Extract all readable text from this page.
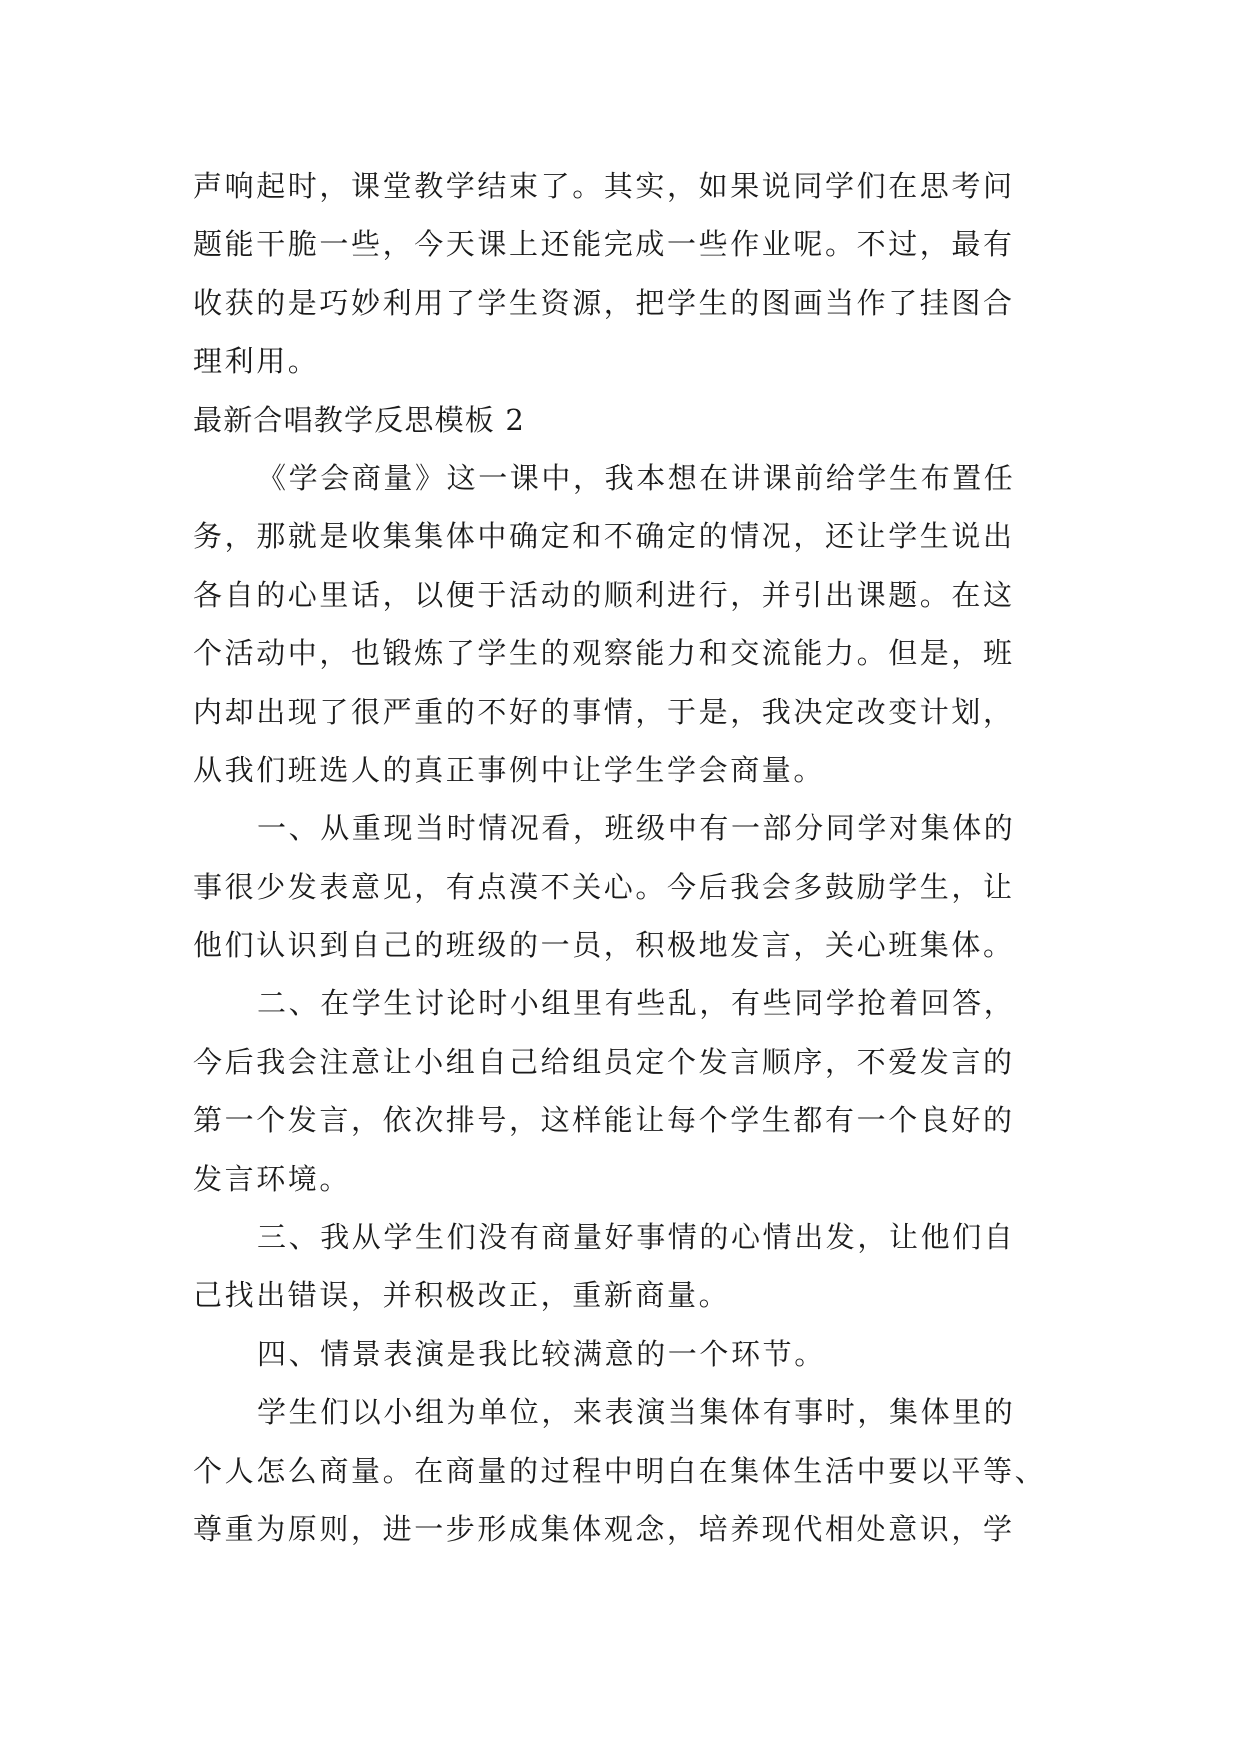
声响起时，课堂教学结束了。其实，如果说同学们在思考问
题能干脆一些，今天课上还能完成一些作业呢。不过，最有
收获的是巧妙利用了学生资源，把学生的图画当作了挂图合
理利用。
最新合唱教学反思模板 2
《学会商量》这一课中，我本想在讲课前给学生布置任
务，那就是收集集体中确定和不确定的情况，还让学生说出
各自的心里话，以便于活动的顺利进行，并引出课题。在这
个活动中，也锻炼了学生的观察能力和交流能力。但是，班
内却出现了很严重的不好的事情，于是，我决定改变计划，
从我们班选人的真正事例中让学生学会商量。
一、从重现当时情况看，班级中有一部分同学对集体的
事很少发表意见，有点漠不关心。今后我会多鼓励学生，让
他们认识到自己的班级的一员，积极地发言，关心班集体。
二、在学生讨论时小组里有些乱，有些同学抢着回答，
今后我会注意让小组自己给组员定个发言顺序，不爱发言的
第一个发言，依次排号，这样能让每个学生都有一个良好的
发言环境。
三、我从学生们没有商量好事情的心情出发，让他们自
己找出错误，并积极改正，重新商量。
四、情景表演是我比较满意的一个环节。
学生们以小组为单位，来表演当集体有事时，集体里的
个人怎么商量。在商量的过程中明白在集体生活中要以平等、
尊重为原则，进一步形成集体观念，培养现代相处意识，学
